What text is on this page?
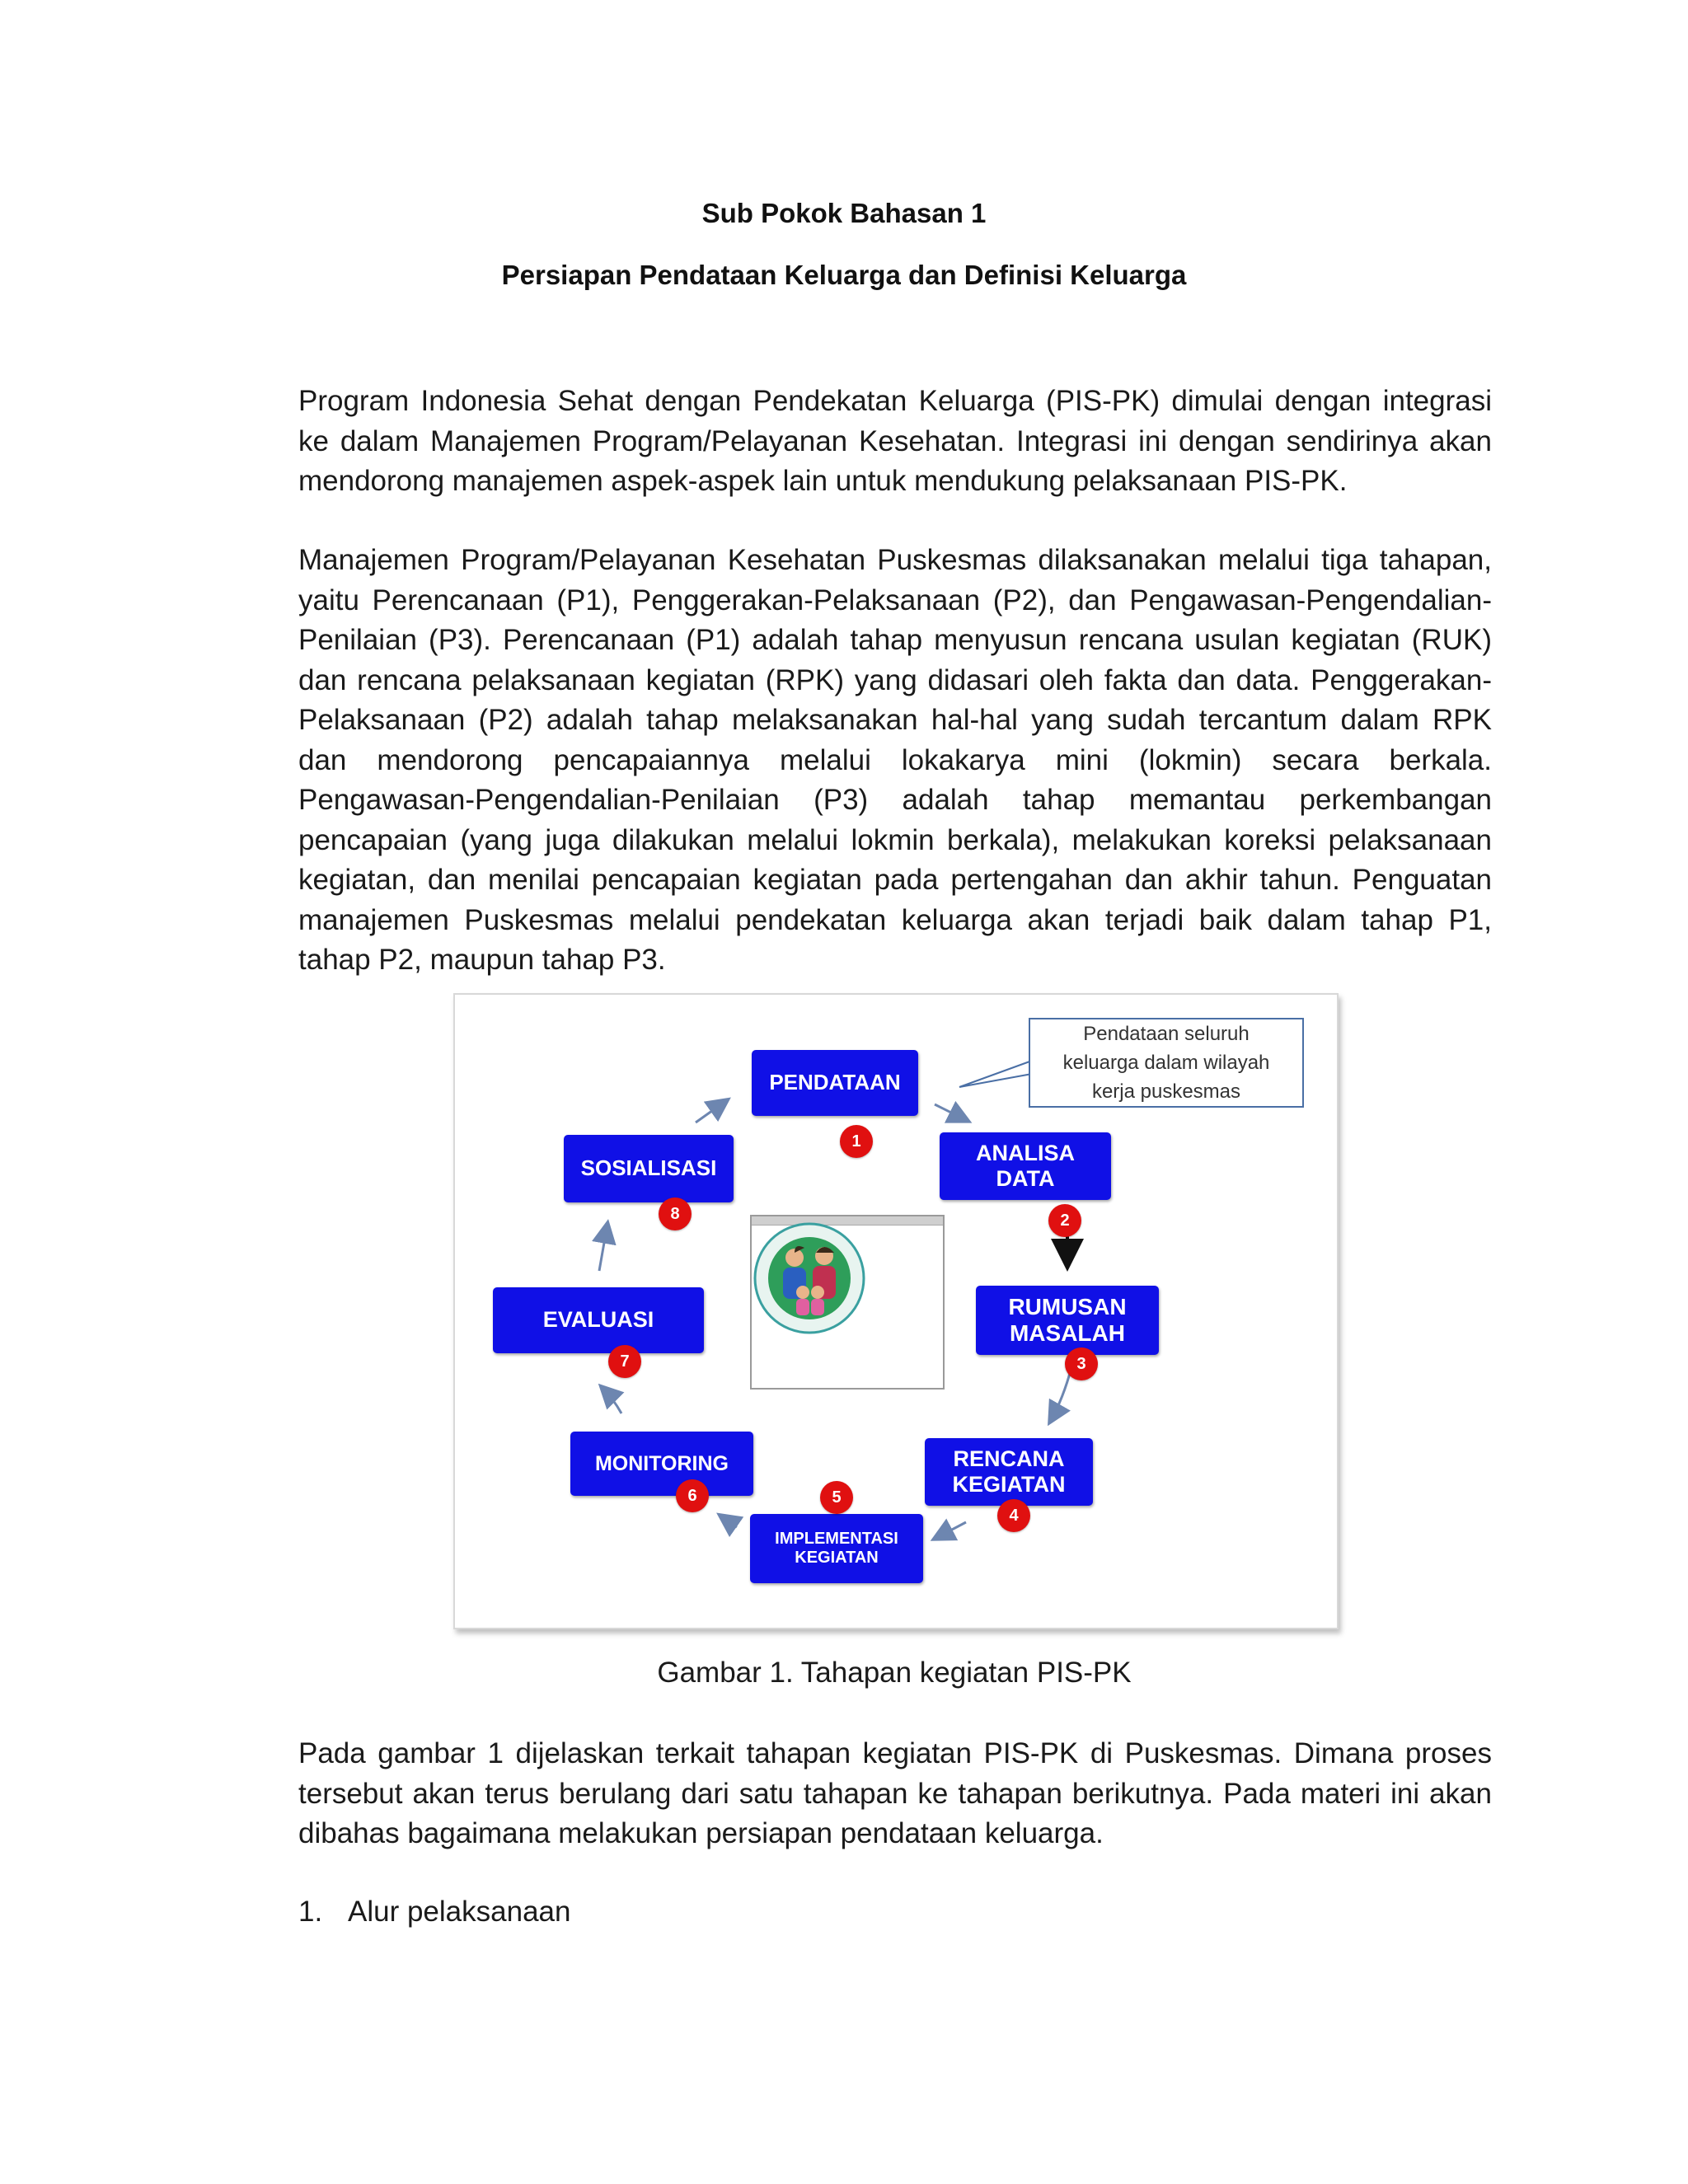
Sub Pokok Bahasan 1
Persiapan Pendataan Keluarga dan Definisi Keluarga
Program Indonesia Sehat dengan Pendekatan Keluarga (PIS-PK) dimulai dengan integrasi ke dalam Manajemen Program/Pelayanan Kesehatan. Integrasi ini dengan sendirinya akan mendorong manajemen aspek-aspek lain untuk mendukung pelaksanaan PIS-PK.
Manajemen Program/Pelayanan Kesehatan Puskesmas dilaksanakan melalui tiga tahapan, yaitu Perencanaan (P1), Penggerakan-Pelaksanaan (P2), dan Pengawasan-Pengendalian-Penilaian (P3). Perencanaan (P1) adalah tahap menyusun rencana usulan kegiatan (RUK) dan rencana pelaksanaan kegiatan (RPK) yang didasari oleh fakta dan data. Penggerakan-Pelaksanaan (P2) adalah tahap melaksanakan hal-hal yang sudah tercantum dalam RPK dan mendorong pencapaiannya melalui lokakarya mini (lokmin) secara berkala. Pengawasan-Pengendalian-Penilaian (P3) adalah tahap memantau perkembangan pencapaian (yang juga dilakukan melalui lokmin berkala), melakukan koreksi pelaksanaan kegiatan, dan menilai pencapaian kegiatan pada pertengahan dan akhir tahun. Penguatan manajemen Puskesmas melalui pendekatan keluarga akan terjadi baik dalam tahap P1, tahap P2, maupun tahap P3.
Pendataan seluruh
keluarga dalam wilayah
kerja puskesmas
PENDATAAN
1	ANALISA
DATA
2
RUMUSAN
MASALAH
3
RENCANA
KEGIATAN
4
IMPLEMENTASI
KEGIATAN
5
MONITORING
6
EVALUASI
7
SOSIALISASI
8
Gambar 1. Tahapan kegiatan PIS-PK
Pada gambar 1 dijelaskan terkait tahapan kegiatan PIS-PK di Puskesmas. Dimana proses tersebut akan terus berulang dari satu tahapan ke tahapan berikutnya. Pada materi ini akan dibahas bagaimana melakukan persiapan pendataan keluarga.
1. Alur pelaksanaan
